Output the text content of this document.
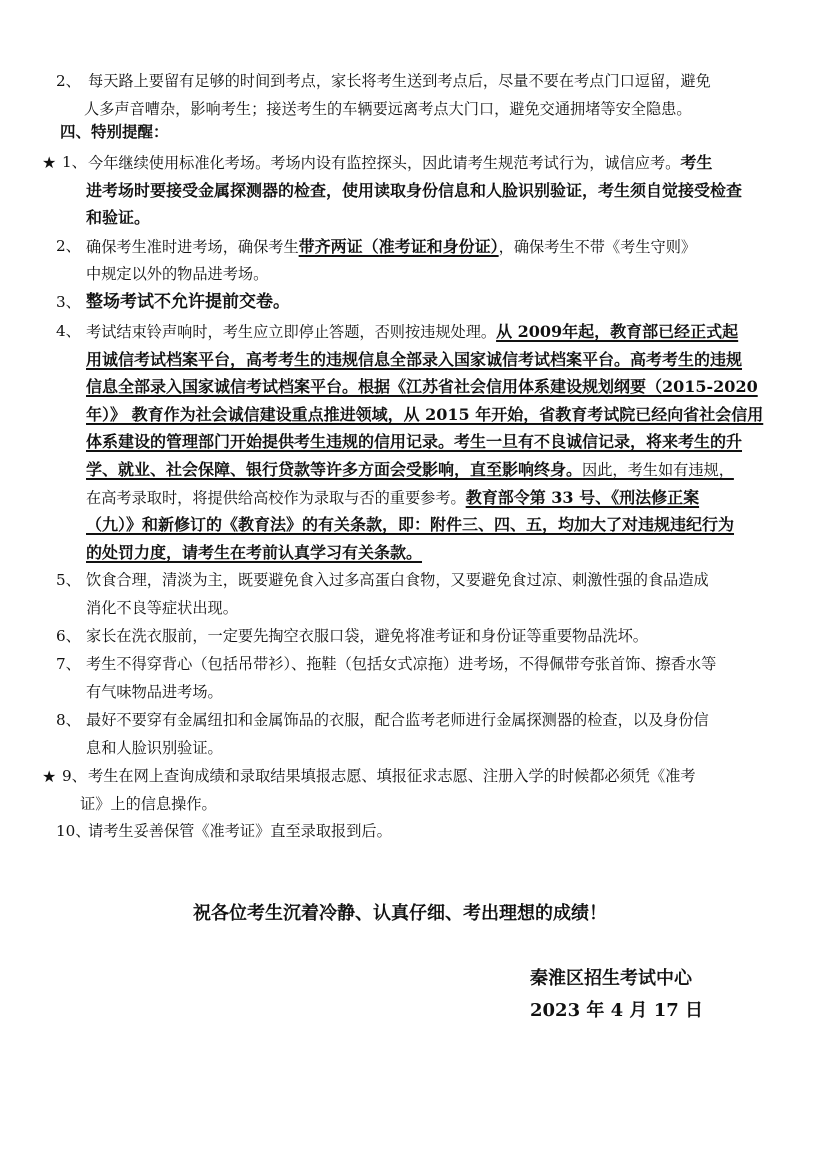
2、 每天路上要留有足够的时间到考点，家长将考生送到考点后，尽量不要在考点门口逗留，避免
人多声音嘈杂，影响考生；接送考生的车辆要远离考点大门口，避免交通拥堵等安全隐患。
四、特别提醒：
★ 1、 今年继续使用标准化考场。考场内设有监控探头，因此请考生规范考试行为，诚信应考。考生
进考场时要接受金属探测器的检查，使用读取身份信息和人脸识别验证，考生须自觉接受检查
和验证。
2、 确保考生准时进考场，确保考生带齐两证（准考证和身份证），确保考生不带《考生守则》
中规定以外的物品进考场。
3、 整场考试不允许提前交卷。
4、 考试结束铃声响时，考生应立即停止答题，否则按违规处理。从 2009年起，教育部已经正式起
用诚信考试档案平台，高考考生的违规信息全部录入国家诚信考试档案平台。高考考生的违规
信息全部录入国家诚信考试档案平台。根据《江苏省社会信用体系建设规划纲要（2015-2020
年）》 教育作为社会诚信建设重点推进领域，从 2015 年开始，省教育考试院已经向省社会信用
体系建设的管理部门开始提供考生违规的信用记录。考生一旦有不良诚信记录，将来考生的升
学、就业、社会保障、银行贷款等许多方面会受影响，直至影响终身。因此，考生如有违规，
在高考录取时，将提供给高校作为录取与否的重要参考。教育部令第 33 号、《刑法修正案
（九）》和新修订的《教育法》的有关条款，即：附件三、四、五，均加大了对违规违纪行为
的处罚力度，请考生在考前认真学习有关条款。
5、 饮食合理，清淡为主，既要避免食入过多高蛋白食物，又要避免食过凉、刺激性强的食品造成
消化不良等症状出现。
6、 家长在洗衣服前，一定要先掏空衣服口袋，避免将准考证和身份证等重要物品洗坏。
7、 考生不得穿背心（包括吊带衫）、拖鞋（包括女式凉拖）进考场，不得佩带夸张首饰、擦香水等
有气味物品进考场。
8、 最好不要穿有金属纽扣和金属饰品的衣服，配合监考老师进行金属探测器的检查，以及身份信
息和人脸识别验证。
★ 9、 考生在网上查询成绩和录取结果填报志愿、填报征求志愿、注册入学的时候都必须凭《准考
证》上的信息操作。
10、
请考生妥善保管《准考证》直至录取报到后。
祝各位考生沉着冷静、认真仔细、考出理想的成绩！
秦淮区招生考试中心
2023 年 4 月 17 日
